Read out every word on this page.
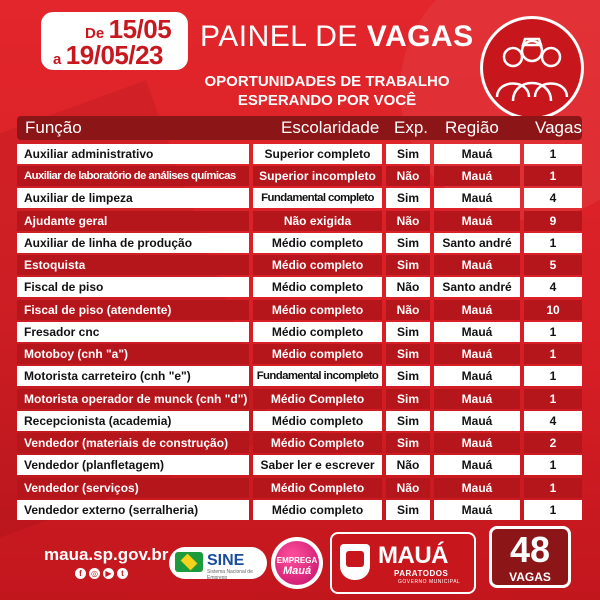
De 15/05
a 19/05/23
PAINEL DE VAGAS
OPORTUNIDADES DE TRABALHO
ESPERANDO POR VOCÊ
Função	Escolaridade Exp. Região Vagas
Auxiliar administrativo	Superior completo	Sim	Mauá	1
Auxiliar de laboratório de análises químicas	Superior incompleto	Não	Mauá	1
Auxiliar de limpeza	Fundamental completo	Sim	Mauá	4
Ajudante geral	Não exigida	Não	Mauá	9
Auxiliar de linha de produção	Médio completo	Sim	Santo andré	1
Estoquista	Médio completo	Sim	Mauá	5
Fiscal de piso	Médio completo	Não	Santo andré	4
Fiscal de piso (atendente)	Médio completo	Não	Mauá	10
Fresador cnc	Médio completo	Sim	Mauá	1
Motoboy (cnh "a")	Médio completo	Sim	Mauá	1
Motorista carreteiro (cnh "e")	Fundamental incompleto	Sim	Mauá	1
Motorista operador de munck (cnh "d")	Médio Completo	Sim	Mauá	1
Recepcionista (academia)	Médio completo	Sim	Mauá	4
Vendedor (materiais de construção)	Médio Completo	Sim	Mauá	2
Vendedor (planfletagem)	Saber ler e escrever	Não	Mauá	1
Vendedor (serviços)	Médio Completo	Não	Mauá	1
Vendedor externo (serralheria)	Médio completo	Sim	Mauá	1
maua.sp.gov.br
f	◎ ▶	t
SINE
Sistema Nacional de Emprego
EMPREGA
Mauá
MAUÁ
PARATODOS
GOVERNO MUNICIPAL
48
VAGAS
